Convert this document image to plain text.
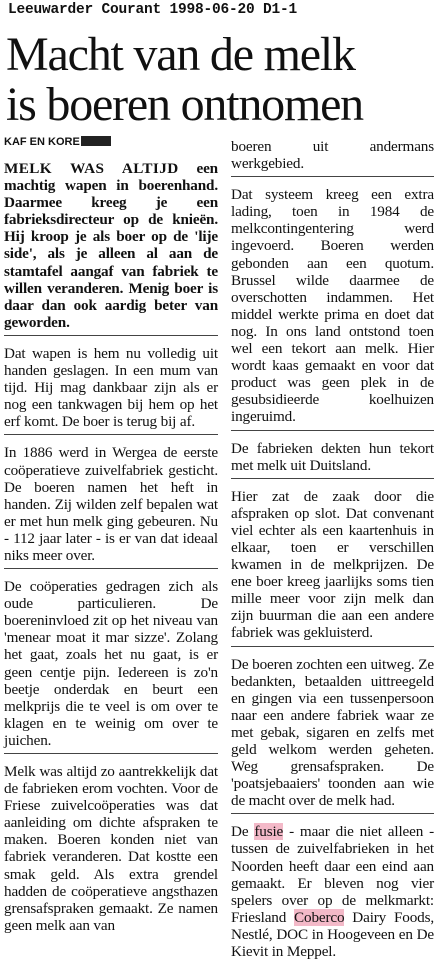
Leeuwarder Courant 1998-06-20 D1-1
Macht van de melk
is boeren ontnomen
KAF EN KORE

MELK WAS ALTIJD een machtig wapen in boerenhand. Daarmee kreeg je een fabrieksdirecteur op de knieën. Hij kroop je als boer op de 'lije side', als je alleen al aan de stamtafel aangaf van fabriek te willen veranderen. Menig boer is daar dan ook aardig beter van geworden.

Dat wapen is hem nu volledig uit handen geslagen. In een mum van tijd. Hij mag dankbaar zijn als er nog een tankwagen bij hem op het erf komt. De boer is terug bij af.

In 1886 werd in Wergea de eerste coöperatieve zuivelfabriek gesticht. De boeren namen het heft in handen. Zij wilden zelf bepalen wat er met hun melk ging gebeuren. Nu - 112 jaar later - is er van dat ideaal niks meer over.

De coöperaties gedragen zich als oude particulieren. De boereninvloed zit op het niveau van 'menear moat it mar sizze'. Zolang het gaat, zoals het nu gaat, is er geen centje pijn. Iedereen is zo'n beetje onderdak en beurt een melkprijs die te veel is om over te klagen en te weinig om over te juichen.

Melk was altijd zo aantrekkelijk dat de fabrieken erom vochten. Voor de Friese zuivelcoöperaties was dat aanleiding om dichte afspraken te maken. Boeren konden niet van fabriek veranderen. Dat kostte een smak geld. Als extra grendel hadden de coöperatieve angsthazen grensafspraken gemaakt. Ze namen geen melk aan van

boeren uit andermans werkgebied.

Dat systeem kreeg een extra lading, toen in 1984 de melkcontingentering werd ingevoerd. Boeren werden gebonden aan een quotum. Brussel wilde daarmee de overschotten indammen. Het middel werkte prima en doet dat nog. In ons land ontstond toen wel een tekort aan melk. Hier wordt kaas gemaakt en voor dat product was geen plek in de gesubsidieerde koelhuizen ingeruimd.

De fabrieken dekten hun tekort met melk uit Duitsland.

Hier zat de zaak door die afspraken op slot. Dat convenant viel echter als een kaartenhuis in elkaar, toen er verschillen kwamen in de melkprijzen. De ene boer kreeg jaarlijks soms tien mille meer voor zijn melk dan zijn buurman die aan een andere fabriek was gekluisterd.

De boeren zochten een uitweg. Ze bedankten, betaalden uittreegeld en gingen via een tussenpersoon naar een andere fabriek waar ze met gebak, sigaren en zelfs met geld welkom werden geheten. Weg grensafspraken. De 'poatsjebaaiers' toonden aan wie de macht over de melk had.

De fusie - maar die niet alleen - tussen de zuivelfabrieken in het Noorden heeft daar een eind aan gemaakt. Er bleven nog vier spelers over op de melkmarkt: Friesland Coberco Dairy Foods, Nestlé, DOC in Hoogeveen en De Kievit in Meppel.
